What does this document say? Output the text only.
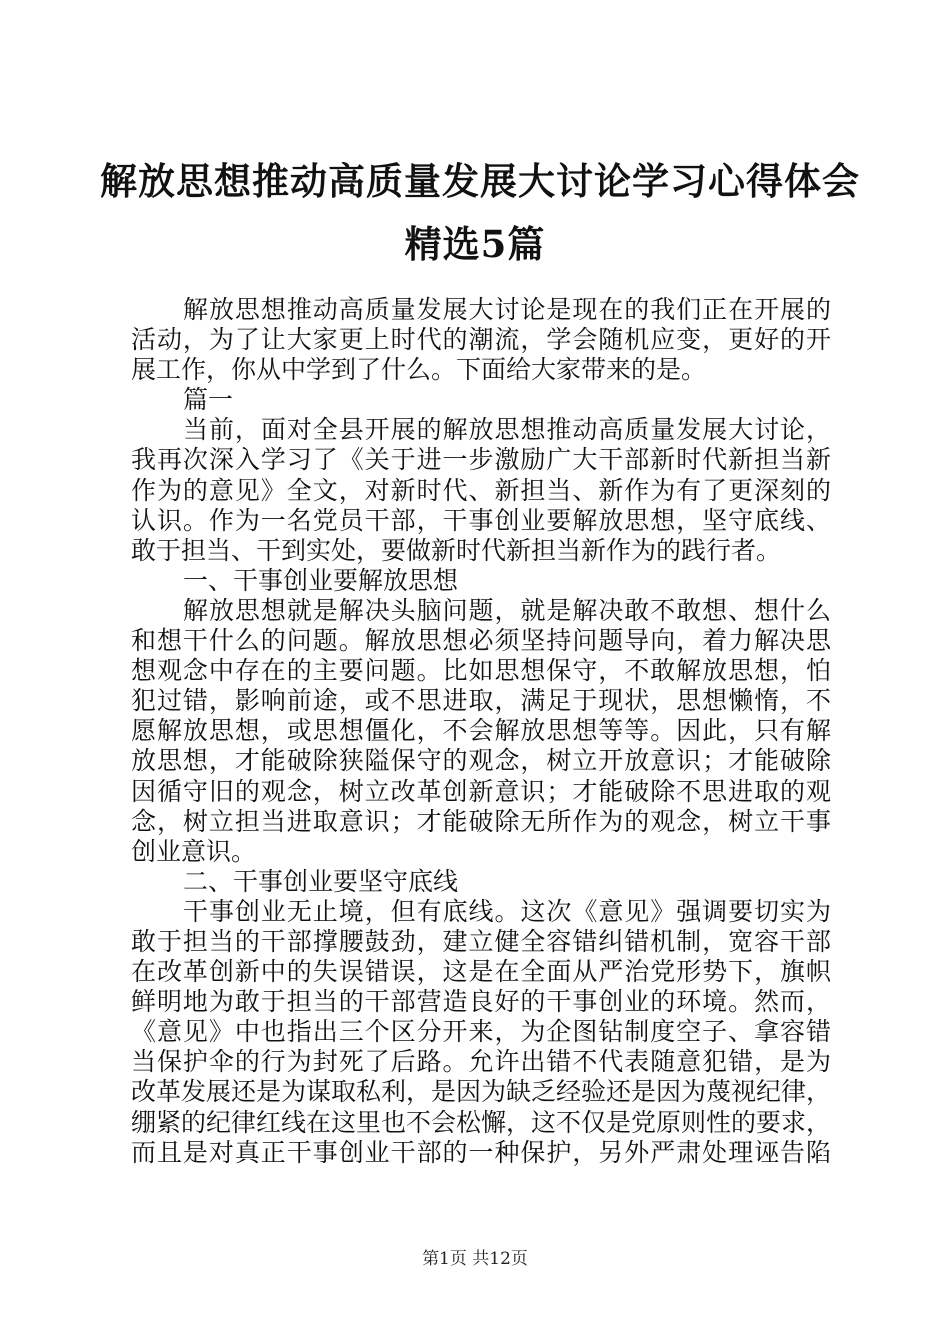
解放思想推动高质量发展大讨论学习心得体会
精选5篇
解放思想推动高质量发展大讨论是现在的我们正在开展的
活动，为了让大家更上时代的潮流，学会随机应变，更好的开
展工作，你从中学到了什么。下面给大家带来的是。
篇一
当前，面对全县开展的解放思想推动高质量发展大讨论，
我再次深入学习了《关于进一步激励广大干部新时代新担当新
作为的意见》全文，对新时代、新担当、新作为有了更深刻的
认识。作为一名党员干部，干事创业要解放思想，坚守底线、
敢于担当、干到实处，要做新时代新担当新作为的践行者。
一、干事创业要解放思想
解放思想就是解决头脑问题，就是解决敢不敢想、想什么
和想干什么的问题。解放思想必须坚持问题导向，着力解决思
想观念中存在的主要问题。比如思想保守，不敢解放思想，怕
犯过错，影响前途，或不思进取，满足于现状，思想懒惰，不
愿解放思想，或思想僵化，不会解放思想等等。因此，只有解
放思想，才能破除狭隘保守的观念，树立开放意识；才能破除
因循守旧的观念，树立改革创新意识；才能破除不思进取的观
念，树立担当进取意识；才能破除无所作为的观念，树立干事
创业意识。
二、干事创业要坚守底线
干事创业无止境，但有底线。这次《意见》强调要切实为
敢于担当的干部撑腰鼓劲，建立健全容错纠错机制，宽容干部
在改革创新中的失误错误，这是在全面从严治党形势下，旗帜
鲜明地为敢于担当的干部营造良好的干事创业的环境。然而，
《意见》中也指出三个区分开来，为企图钻制度空子、拿容错
当保护伞的行为封死了后路。允许出错不代表随意犯错，是为
改革发展还是为谋取私利，是因为缺乏经验还是因为蔑视纪律，
绷紧的纪律红线在这里也不会松懈，这不仅是党原则性的要求，
而且是对真正干事创业干部的一种保护，另外严肃处理诬告陷
第1页 共12页
